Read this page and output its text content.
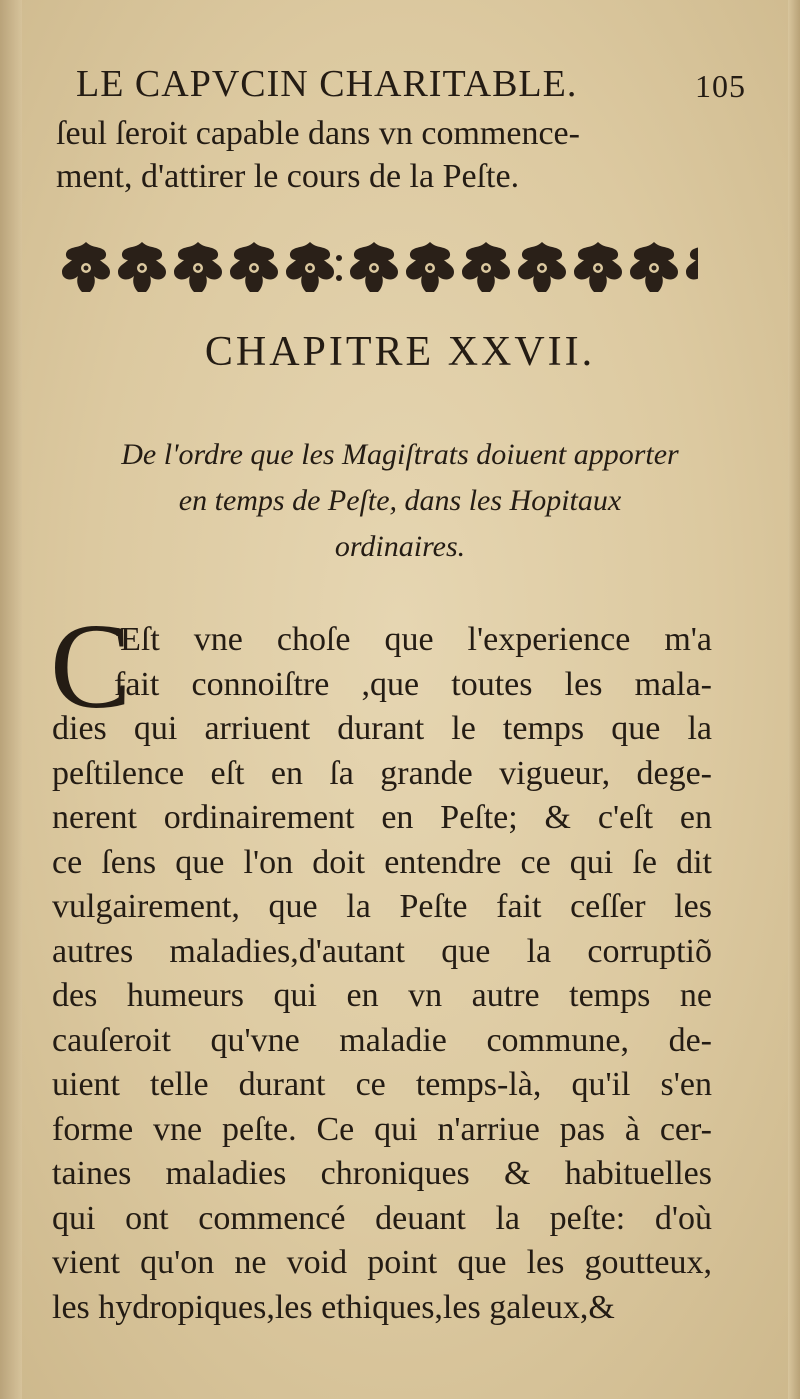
LE CAPVCIN CHARITABLE.	105
ſeul ſeroit capable dans vn commence-
ment, d'attirer le cours de la Peſte.
CHAPITRE XXVII.
De l'ordre que les Magiſtrats doiuent apporter
en temps de Peſte, dans les Hopitaux
ordinaires.
C
'Eſt vne choſe que l'experience m'a
fait connoiſtre ,que toutes les mala-
dies qui arriuent durant le temps que la
peſtilence eſt en ſa grande vigueur, dege-
nerent ordinairement en Peſte; & c'eſt en
ce ſens que l'on doit entendre ce qui ſe dit
vulgairement, que la Peſte fait ceſſer les
autres maladies,d'autant que la corruptiõ
des humeurs qui en vn autre temps ne
cauſeroit qu'vne maladie commune, de-
uient telle durant ce temps-là, qu'il s'en
forme vne peſte. Ce qui n'arriue pas à cer-
taines maladies chroniques & habituelles
qui ont commencé deuant la peſte: d'où
vient qu'on ne void point que les goutteux,
les hydropiques,les ethiques,les galeux,&
